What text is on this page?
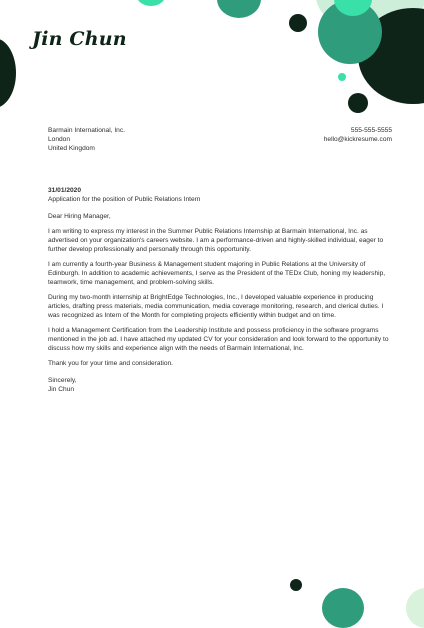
Jin Chun
Barmain International, Inc.
London
United Kingdom
555-555-5555
hello@kickresume.com
31/01/2020
Application for the position of Public Relations Intern

Dear Hiring Manager,

I am writing to express my interest in the Summer Public Relations Internship at Barmain International, Inc. as advertised on your organization's careers website. I am a performance-driven and highly-skilled individual, eager to further develop professionally and personally through this opportunity.

I am currently a fourth-year Business & Management student majoring in Public Relations at the University of Edinburgh. In addition to academic achievements, I serve as the President of the TEDx Club, honing my leadership, teamwork, time management, and problem-solving skills.

During my two-month internship at BrightEdge Technologies, Inc., I developed valuable experience in producing articles, drafting press materials, media communication, media coverage monitoring, research, and clerical duties. I was recognized as Intern of the Month for completing projects efficiently within budget and on time.

I hold a Management Certification from the Leadership Institute and possess proficiency in the software programs mentioned in the job ad. I have attached my updated CV for your consideration and look forward to the opportunity to discuss how my skills and experience align with the needs of Barmain International, Inc.

Thank you for your time and consideration.

Sincerely,
Jin Chun
